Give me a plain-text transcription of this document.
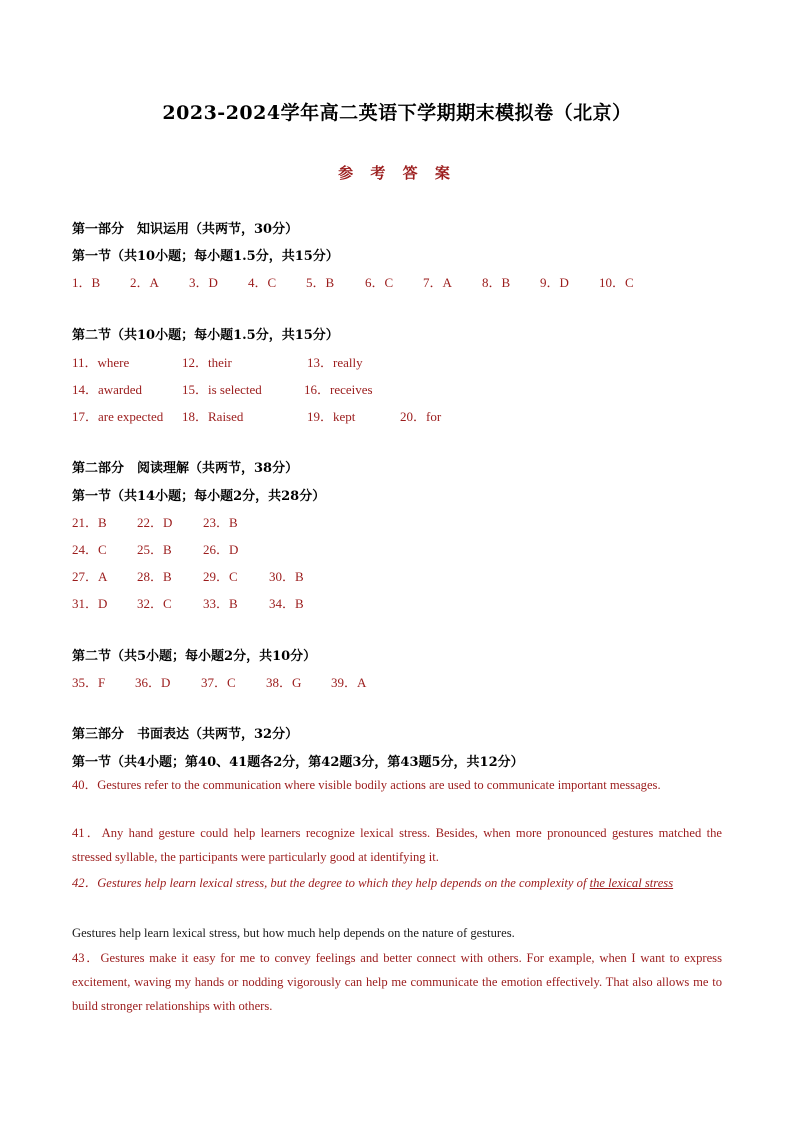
2023-2024学年高二英语下学期期末模拟卷（北京）
参 考 答 案
第一部分　知识运用（共两节，30分）
第一节（共10小题；每小题1.5分，共15分）
1．B 2．A 3．D 4．C 5．B 6．C 7．A 8．B 9．D 10．C
第二节（共10小题；每小题1.5分，共15分）
11．where	12．their	13．really
14．awarded	15．is selected	16．receives
17．are expected 18．Raised	19．kept	20．for
第二部分　阅读理解（共两节，38分）
第一节（共14小题；每小题2分，共28分）
21．B 22．D 23．B
24．C 25．B 26．D
27．A 28．B 29．C 30．B
31．D 32．C 33．B 34．B
第二节（共5小题；每小题2分，共10分）
35．F 36．D 37．C 38．G 39．A
第三部分　书面表达（共两节，32分）
第一节（共4小题；第40、41题各2分，第42题3分，第43题5分，共12分）

40．Gestures refer to the communication where visible bodily actions are used to communicate important messages.

41．Any hand gesture could help learners recognize lexical stress. Besides, when more pronounced gestures matched the stressed syllable, the participants were particularly good at identifying it.

42．Gestures help learn lexical stress, but the degree to which they help depends on the complexity of the lexical stress

Gestures help learn lexical stress, but how much help depends on the nature of gestures.

43．Gestures make it easy for me to convey feelings and better connect with others. For example, when I want to express excitement, waving my hands or nodding vigorously can help me communicate the emotion effectively. That also allows me to build stronger relationships with others.
